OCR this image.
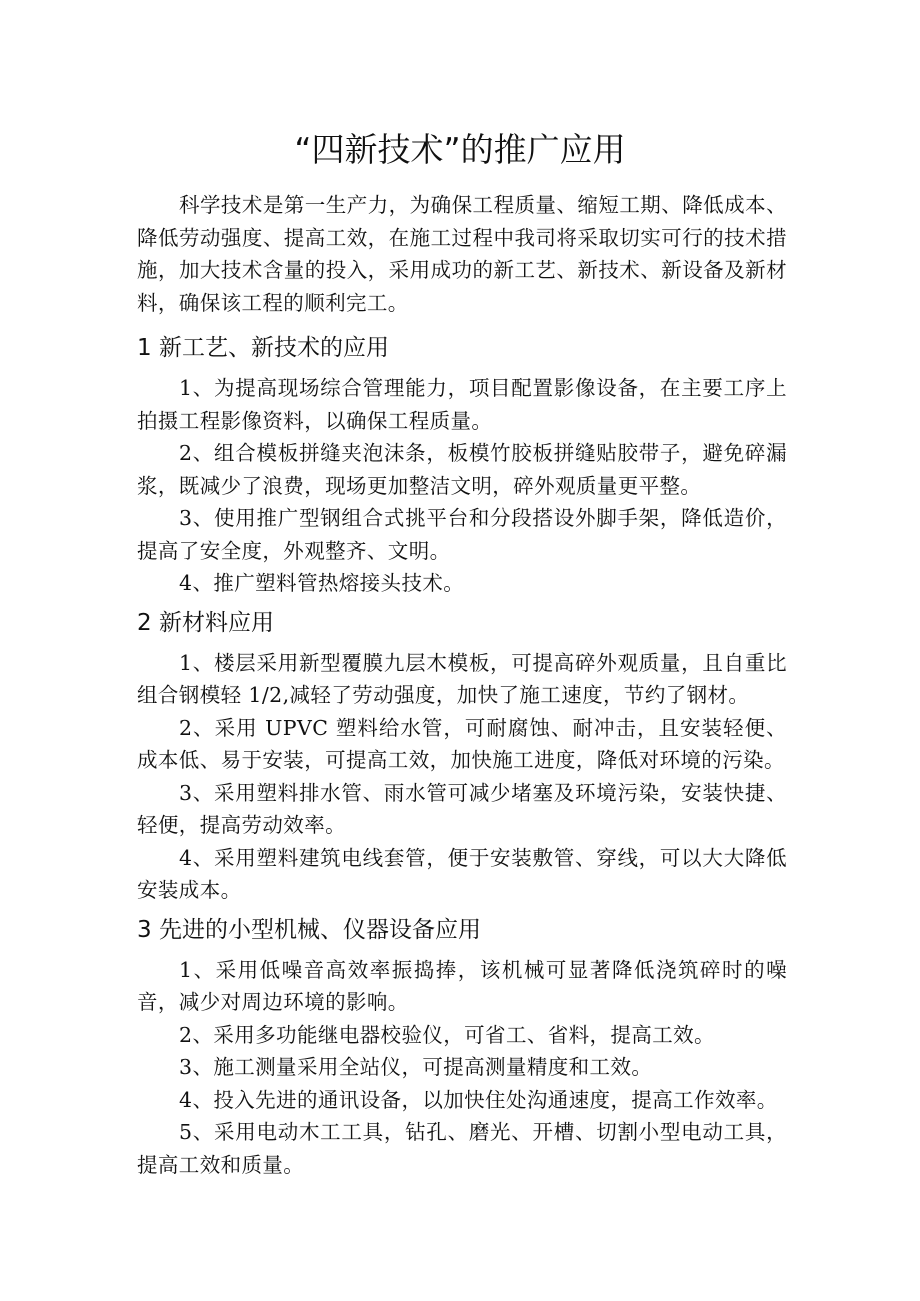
“四新技术”的推广应用

科学技术是第一生产力，为确保工程质量、缩短工期、降低成本、降低劳动强度、提高工效，在施工过程中我司将采取切实可行的技术措施，加大技术含量的投入，采用成功的新工艺、新技术、新设备及新材料，确保该工程的顺利完工。

1 新工艺、新技术的应用

1、为提高现场综合管理能力，项目配置影像设备，在主要工序上拍摄工程影像资料，以确保工程质量。

2、组合模板拼缝夹泡沫条，板模竹胶板拼缝贴胶带子，避免碎漏浆，既减少了浪费，现场更加整洁文明，碎外观质量更平整。

3、使用推广型钢组合式挑平台和分段搭设外脚手架，降低造价，提高了安全度，外观整齐、文明。

4、推广塑料管热熔接头技术。

2 新材料应用

1、楼层采用新型覆膜九层木模板，可提高碎外观质量，且自重比组合钢模轻 1/2,减轻了劳动强度，加快了施工速度，节约了钢材。

2、采用 UPVC 塑料给水管，可耐腐蚀、耐冲击，且安装轻便、成本低、易于安装，可提高工效，加快施工进度，降低对环境的污染。

3、采用塑料排水管、雨水管可减少堵塞及环境污染，安装快捷、轻便，提高劳动效率。

4、采用塑料建筑电线套管，便于安装敷管、穿线，可以大大降低安装成本。

3 先进的小型机械、仪器设备应用

1、采用低噪音高效率振捣捧，该机械可显著降低浇筑碎时的噪音，减少对周边环境的影响。

2、采用多功能继电器校验仪，可省工、省料，提高工效。

3、施工测量采用全站仪，可提高测量精度和工效。

4、投入先进的通讯设备，以加快住处沟通速度，提高工作效率。

5、采用电动木工工具，钻孔、磨光、开槽、切割小型电动工具，提高工效和质量。
